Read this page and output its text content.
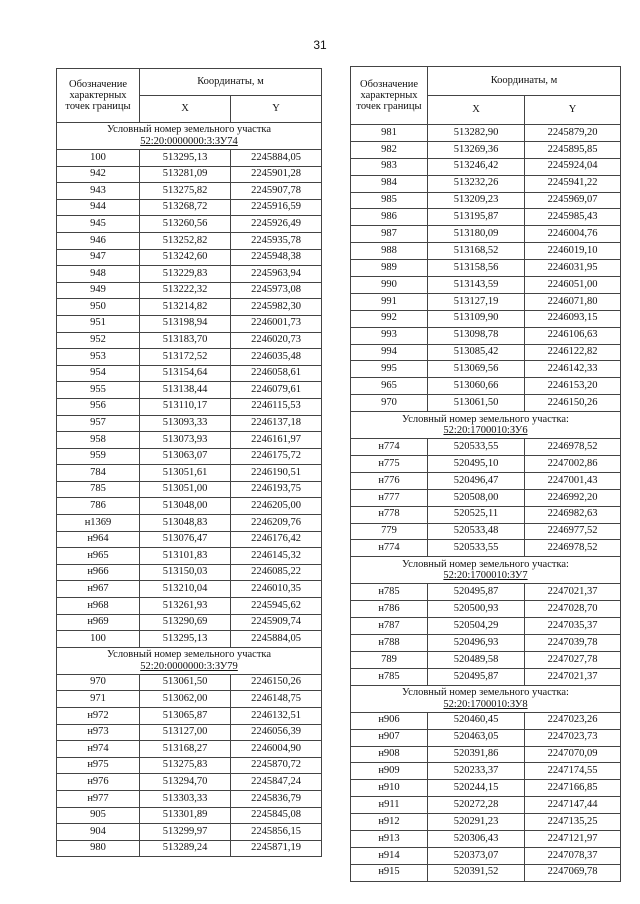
31
Обозначение характерных точек границы	Координаты, м	
	X	Y

Условный номер земельного участка
52:20:0000000:3:ЗУ74		

100	513295,13	2245884,05
942	513281,09	2245901,28
943	513275,82	2245907,78
944	513268,72	2245916,59
945	513260,56	2245926,49
946	513252,82	2245935,78
947	513242,60	2245948,38
948	513229,83	2245963,94
949	513222,32	2245973,08
950	513214,82	2245982,30
951	513198,94	2246001,73
952	513183,70	2246020,73
953	513172,52	2246035,48
954	513154,64	2246058,61
955	513138,44	2246079,61
956	513110,17	2246115,53
957	513093,33	2246137,18
958	513073,93	2246161,97
959	513063,07	2246175,72
784	513051,61	2246190,51
785	513051,00	2246193,75
786	513048,00	2246205,00
н1369	513048,83	2246209,76
н964	513076,47	2246176,42
н965	513101,83	2246145,32
н966	513150,03	2246085,22
н967	513210,04	2246010,35
н968	513261,93	2245945,62
н969	513290,69	2245909,74
100	513295,13	2245884,05

Условный номер земельного участка
52:20:0000000:3:ЗУ79		

970	513061,50	2246150,26
971	513062,00	2246148,75
н972	513065,87	2246132,51
н973	513127,00	2246056,39
н974	513168,27	2246004,90
н975	513275,83	2245870,72
н976	513294,70	2245847,24
н977	513303,33	2245836,79
905	513301,89	2245845,08
904	513299,97	2245856,15
980	513289,24	2245871,19
Обозначение характерных точек границы	Координаты, м	
	X	Y
981	513282,90	2245879,20
982	513269,36	2245895,85
983	513246,42	2245924,04
984	513232,26	2245941,22
985	513209,23	2245969,07
986	513195,87	2245985,43
987	513180,09	2246004,76
988	513168,52	2246019,10
989	513158,56	2246031,95
990	513143,59	2246051,00
991	513127,19	2246071,80
992	513109,90	2246093,15
993	513098,78	2246106,63
994	513085,42	2246122,82
995	513069,56	2246142,33
965	513060,66	2246153,20
970	513061,50	2246150,26

Условный номер земельного участка:
52:20:1700010:ЗУ6		

н774	520533,55	2246978,52
н775	520495,10	2247002,86
н776	520496,47	2247001,43
н777	520508,00	2246992,20
н778	520525,11	2246982,63
779	520533,48	2246977,52
н774	520533,55	2246978,52

Условный номер земельного участка:
52:20:1700010:ЗУ7		

н785	520495,87	2247021,37
н786	520500,93	2247028,70
н787	520504,29	2247035,37
н788	520496,93	2247039,78
789	520489,58	2247027,78
н785	520495,87	2247021,37

Условный номер земельного участка:
52:20:1700010:ЗУ8		

н906	520460,45	2247023,26
н907	520463,05	2247023,73
н908	520391,86	2247070,09
н909	520233,37	2247174,55
н910	520244,15	2247166,85
н911	520272,28	2247147,44
н912	520291,23	2247135,25
н913	520306,43	2247121,97
н914	520373,07	2247078,37
н915	520391,52	2247069,78
